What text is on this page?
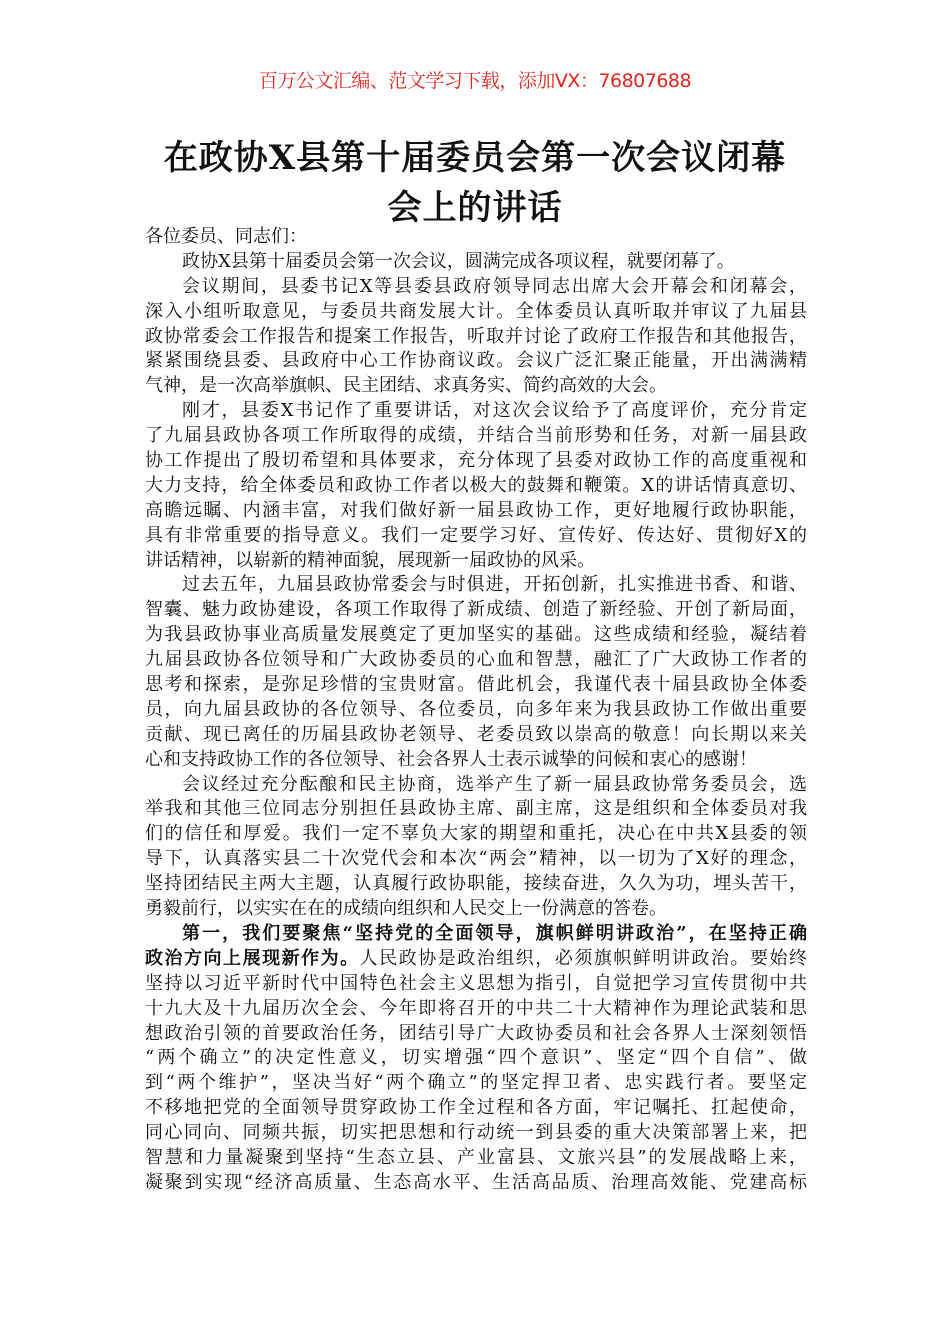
百万公文汇编、范文学习下载，添加VX：76807688
在政协X县第十届委员会第一次会议闭幕
会上的讲话
各位委员、同志们：
政协X县第十届委员会第一次会议，圆满完成各项议程，就要闭幕了。
会议期间，县委书记X等县委县政府领导同志出席大会开幕会和闭幕会，
深入小组听取意见，与委员共商发展大计。全体委员认真听取并审议了九届县
政协常委会工作报告和提案工作报告，听取并讨论了政府工作报告和其他报告，
紧紧围绕县委、县政府中心工作协商议政。会议广泛汇聚正能量，开出满满精
气神，是一次高举旗帜、民主团结、求真务实、简约高效的大会。
刚才，县委X书记作了重要讲话，对这次会议给予了高度评价，充分肯定
了九届县政协各项工作所取得的成绩，并结合当前形势和任务，对新一届县政
协工作提出了殷切希望和具体要求，充分体现了县委对政协工作的高度重视和
大力支持，给全体委员和政协工作者以极大的鼓舞和鞭策。X的讲话情真意切、
高瞻远瞩、内涵丰富，对我们做好新一届县政协工作，更好地履行政协职能，
具有非常重要的指导意义。我们一定要学习好、宣传好、传达好、贯彻好X的
讲话精神，以崭新的精神面貌，展现新一届政协的风采。
过去五年，九届县政协常委会与时俱进，开拓创新，扎实推进书香、和谐、
智囊、魅力政协建设，各项工作取得了新成绩、创造了新经验、开创了新局面，
为我县政协事业高质量发展奠定了更加坚实的基础。这些成绩和经验，凝结着
九届县政协各位领导和广大政协委员的心血和智慧，融汇了广大政协工作者的
思考和探索，是弥足珍惜的宝贵财富。借此机会，我谨代表十届县政协全体委
员，向九届县政协的各位领导、各位委员，向多年来为我县政协工作做出重要
贡献、现已离任的历届县政协老领导、老委员致以崇高的敬意！向长期以来关
心和支持政协工作的各位领导、社会各界人士表示诚挚的问候和衷心的感谢！
会议经过充分酝酿和民主协商，选举产生了新一届县政协常务委员会，选
举我和其他三位同志分别担任县政协主席、副主席，这是组织和全体委员对我
们的信任和厚爱。我们一定不辜负大家的期望和重托，决心在中共X县委的领
导下，认真落实县二十次党代会和本次“两会”精神，以一切为了X好的理念，
坚持团结民主两大主题，认真履行政协职能，接续奋进，久久为功，埋头苦干，
勇毅前行，以实实在在的成绩向组织和人民交上一份满意的答卷。
第一，我们要聚焦“坚持党的全面领导，旗帜鲜明讲政治”，在坚持正确
政治方向上展现新作为。人民政协是政治组织，必须旗帜鲜明讲政治。要始终
坚持以习近平新时代中国特色社会主义思想为指引，自觉把学习宣传贯彻中共
十九大及十九届历次全会、今年即将召开的中共二十大精神作为理论武装和思
想政治引领的首要政治任务，团结引导广大政协委员和社会各界人士深刻领悟
“两个确立”的决定性意义，切实增强“四个意识”、坚定“四个自信”、做
到“两个维护”，坚决当好“两个确立”的坚定捍卫者、忠实践行者。要坚定
不移地把党的全面领导贯穿政协工作全过程和各方面，牢记嘱托、扛起使命，
同心同向、同频共振，切实把思想和行动统一到县委的重大决策部署上来，把
智慧和力量凝聚到坚持“生态立县、产业富县、文旅兴县”的发展战略上来，
凝聚到实现“经济高质量、生态高水平、生活高品质、治理高效能、党建高标
